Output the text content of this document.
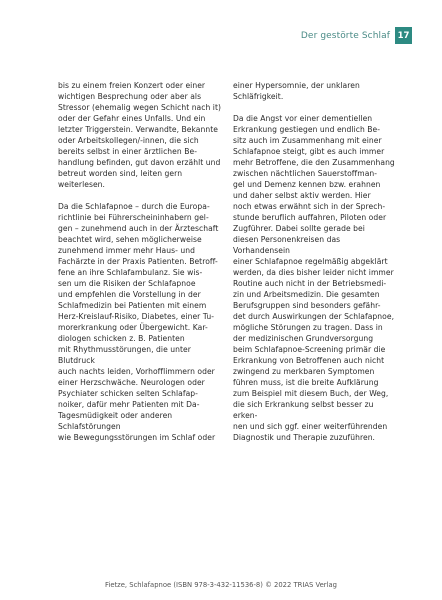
Der gestörte Schlaf 17

bis zu einem freien Konzert oder einer
wichtigen Besprechung oder aber als
Stressor (ehemalig wegen Schicht nach it)
oder der Gefahr eines Unfalls. Und ein
letzter Triggerstein. Verwandte, Bekannte
oder Arbeitskollegen/-innen, die sich
bereits selbst in einer ärztlichen Be-
handlung befinden, gut davon erzählt und
betreut worden sind, leiten gern
weiterlesen.

Da die Schlafapnoe – durch die Europa-
richtlinie bei Führerscheininhabern gel-
gen – zunehmend auch in der Ärzteschaft
beachtet wird, sehen möglicherweise
zunehmend immer mehr Haus- und
Fachärzte in der Praxis Patienten. Betroff-
fene an ihre Schlafambulanz. Sie wis-
sen um die Risiken der Schlafapnoe
und empfehlen die Vorstellung in der
Schlafmedizin bei Patienten mit einem
Herz-Kreislauf-Risiko, Diabetes, einer Tu-
morerkrankung oder Übergewicht. Kar-
diologen schicken z. B. Patienten
mit Rhythmusstörungen, die unter Blutdruck
auch nachts leiden, Vorhofflimmern oder
einer Herzschwäche. Neurologen oder
Psychiater schicken selten Schlafap-
noiker, dafür mehr Patienten mit Da-
Tagesmüdigkeit oder anderen Schlafstörungen
wie Bewegungsstörungen im Schlaf oder

einer Hypersomnie, der unklaren
Schläfrigkeit.

Da die Angst vor einer dementiellen
Erkrankung gestiegen und endlich Be-
sitz auch im Zusammenhang mit einer
Schlafapnoe steigt, gibt es auch immer
mehr Betroffene, die den Zusammenhang
zwischen nächtlichen Sauerstoffman-
gel und Demenz kennen bzw. erahnen
und daher selbst aktiv werden. Hier
noch etwas erwähnt sich in der Sprech-
stunde beruflich auffahren, Piloten oder
Zugführer. Dabei sollte gerade bei
diesen Personenkreisen das Vorhandensein
einer Schlafapnoe regelmäßig abgeklärt
werden, da dies bisher leider nicht immer
Routine auch nicht in der Betriebsmedi-
zin und Arbeitsmedizin. Die gesamten
Berufsgruppen sind besonders gefähr-
det durch Auswirkungen der Schlafapnoe,
mögliche Störungen zu tragen. Dass in
der medizinischen Grundversorgung
beim Schlafapnoe-Screening primär die
Erkrankung von Betroffenen auch nicht
zwingend zu merkbaren Symptomen
führen muss, ist die breite Aufklärung
zum Beispiel mit diesem Buch, der Weg,
die sich Erkrankung selbst besser zu erken-
nen und sich ggf. einer weiterführenden
Diagnostik und Therapie zuzuführen.

Fietze, Schlafapnoe (ISBN 978-3-432-11536-8) © 2022 TRIAS Verlag
